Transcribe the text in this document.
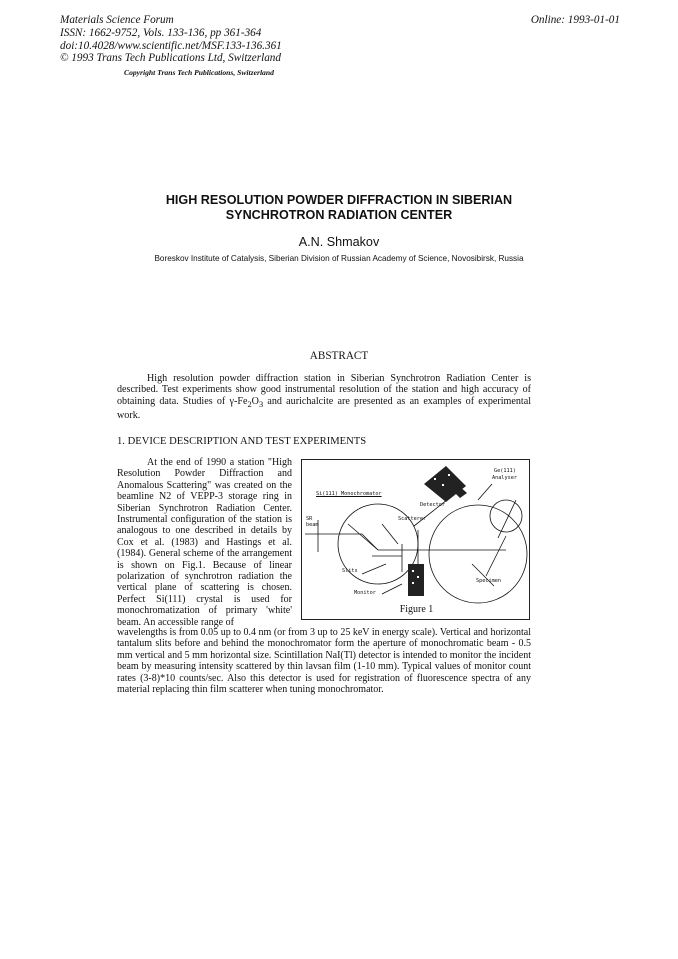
Materials Science Forum
ISSN: 1662-9752, Vols. 133-136, pp 361-364
doi:10.4028/www.scientific.net/MSF.133-136.361
© 1993 Trans Tech Publications Ltd, Switzerland
Online: 1993-01-01
Copyright Trans Tech Publications, Switzerland
HIGH RESOLUTION POWDER DIFFRACTION IN SIBERIAN
SYNCHROTRON RADIATION CENTER
A.N. Shmakov
Boreskov Institute of Catalysis, Siberian Division of Russian Academy of Science, Novosibirsk, Russia
ABSTRACT
High resolution powder diffraction station in Siberian Synchrotron Radiation Center is described. Test experiments show good instrumental resolution of the station and high accuracy of obtaining data. Studies of $\gamma-Fe_2O_3$ and aurichalcite are presented as an examples of experimental work.
1. DEVICE DESCRIPTION AND TEST EXPERIMENTS
At the end of 1990 a station "High Resolution Powder Diffraction and Anomalous Scattering" was created on the beamline N2 of VEPP-3 storage ring in Siberian Synchrotron Radiation Center. Instrumental configuration of the station is analogous to one described in details by Cox et al. (1983) and Hastings et al. (1984). General scheme of the arrangement is shown on Fig.1. Because of linear polarization of synchrotron radiation the vertical plane of scattering is chosen. Perfect Si(111) crystal is used for monochromatization of primary 'white' beam. An accessible range of
Ge(111)
Analyser
Si(111) Monochromator
Detector
Scatterer
SR
beam
Slits
Specimen
Monitor
Figure 1
wavelengths is from 0.05 up to 0.4 nm (or from 3 up to 25 keV in energy scale). Vertical and horizontal tantalum slits before and behind the monochromator form the aperture of monochromatic beam - 0.5 mm vertical and 5 mm horizontal size. Scintillation NaI(Tl) detector is intended to monitor the incident beam by measuring intensity scattered by thin lavsan film (1-10 mm). Typical values of monitor count rates (3-8)*10 counts/sec. Also this detector is used for registration of fluorescence spectra of any material replacing thin film scatterer when tuning monochromator.
